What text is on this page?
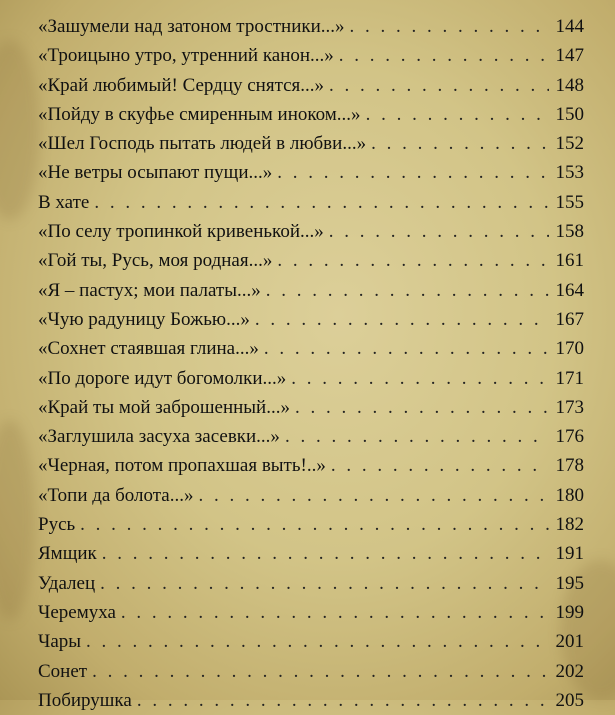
«Зашумели над затоном тростники...» . . .	144
«Троицыно утро, утренний канон...» . . .	147
«Край любимый! Сердцу снятся...» . . .	148
«Пойду в скуфье смиренным иноком...» . . .	150
«Шел Господь пытать людей в любви...» . . .	152
«Не ветры осыпают пущи...» . . .	153
В хате . . .	155
«По селу тропинкой кривенькой...» . . .	158
«Гой ты, Русь, моя родная...» . . .	161
«Я – пастух; мои палаты...» . . .	164
«Чую радуницу Божью...» . . .	167
«Сохнет стаявшая глина...» . . .	170
«По дороге идут богомолки...» . . .	171
«Край ты мой заброшенный...» . . .	173
«Заглушила засуха засевки...» . . .	176
«Черная, потом пропахшая выть!..» . . .	178
«Топи да болота...» . . .	180
Русь . . .	182
Ямщик . . .	191
Удалец . . .	195
Черемуха . . .	199
Чары . . .	201
Сонет . . .	202
Побирушка . . .	205
